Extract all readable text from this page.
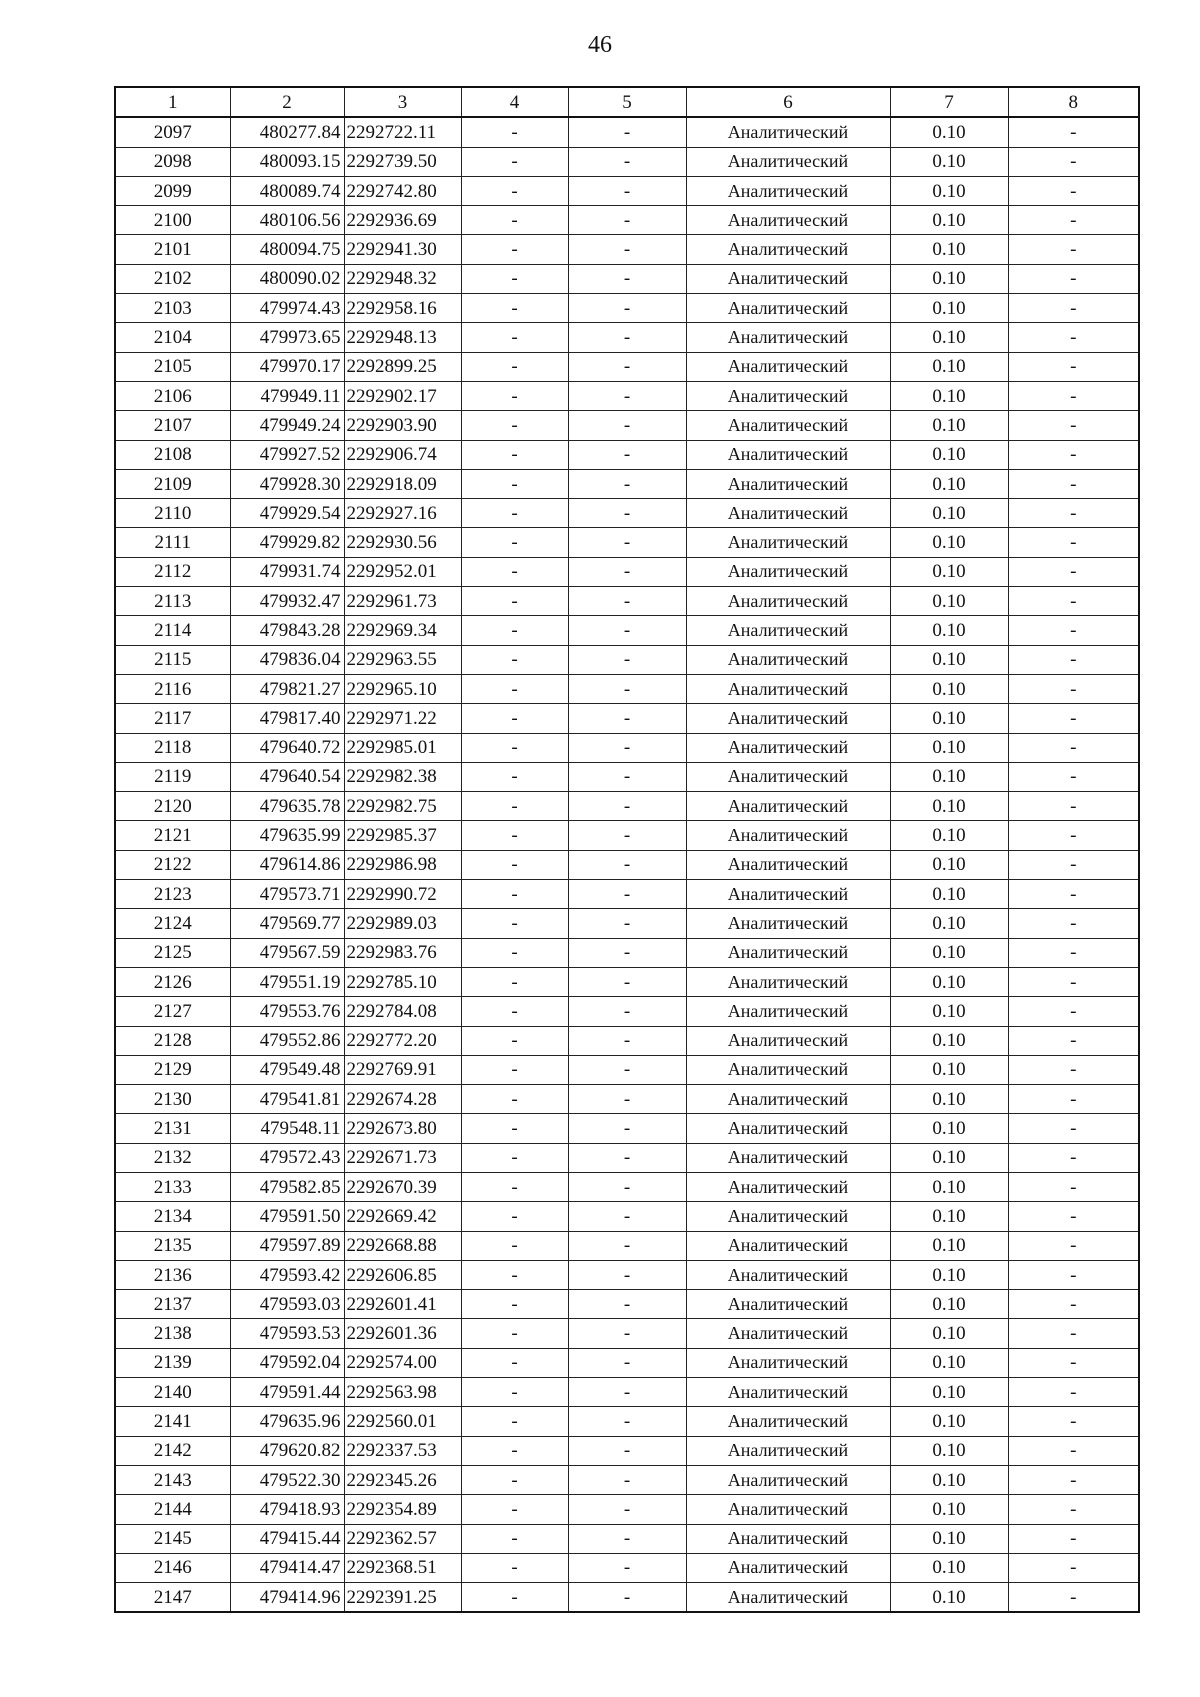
46
1	2	3	4	5	6	7	8
2097	480277.84	2292722.11	-	-	Аналитический	0.10	-
2098	480093.15	2292739.50	-	-	Аналитический	0.10	-
2099	480089.74	2292742.80	-	-	Аналитический	0.10	-
2100	480106.56	2292936.69	-	-	Аналитический	0.10	-
2101	480094.75	2292941.30	-	-	Аналитический	0.10	-
2102	480090.02	2292948.32	-	-	Аналитический	0.10	-
2103	479974.43	2292958.16	-	-	Аналитический	0.10	-
2104	479973.65	2292948.13	-	-	Аналитический	0.10	-
2105	479970.17	2292899.25	-	-	Аналитический	0.10	-
2106	479949.11	2292902.17	-	-	Аналитический	0.10	-
2107	479949.24	2292903.90	-	-	Аналитический	0.10	-
2108	479927.52	2292906.74	-	-	Аналитический	0.10	-
2109	479928.30	2292918.09	-	-	Аналитический	0.10	-
2110	479929.54	2292927.16	-	-	Аналитический	0.10	-
2111	479929.82	2292930.56	-	-	Аналитический	0.10	-
2112	479931.74	2292952.01	-	-	Аналитический	0.10	-
2113	479932.47	2292961.73	-	-	Аналитический	0.10	-
2114	479843.28	2292969.34	-	-	Аналитический	0.10	-
2115	479836.04	2292963.55	-	-	Аналитический	0.10	-
2116	479821.27	2292965.10	-	-	Аналитический	0.10	-
2117	479817.40	2292971.22	-	-	Аналитический	0.10	-
2118	479640.72	2292985.01	-	-	Аналитический	0.10	-
2119	479640.54	2292982.38	-	-	Аналитический	0.10	-
2120	479635.78	2292982.75	-	-	Аналитический	0.10	-
2121	479635.99	2292985.37	-	-	Аналитический	0.10	-
2122	479614.86	2292986.98	-	-	Аналитический	0.10	-
2123	479573.71	2292990.72	-	-	Аналитический	0.10	-
2124	479569.77	2292989.03	-	-	Аналитический	0.10	-
2125	479567.59	2292983.76	-	-	Аналитический	0.10	-
2126	479551.19	2292785.10	-	-	Аналитический	0.10	-
2127	479553.76	2292784.08	-	-	Аналитический	0.10	-
2128	479552.86	2292772.20	-	-	Аналитический	0.10	-
2129	479549.48	2292769.91	-	-	Аналитический	0.10	-
2130	479541.81	2292674.28	-	-	Аналитический	0.10	-
2131	479548.11	2292673.80	-	-	Аналитический	0.10	-
2132	479572.43	2292671.73	-	-	Аналитический	0.10	-
2133	479582.85	2292670.39	-	-	Аналитический	0.10	-
2134	479591.50	2292669.42	-	-	Аналитический	0.10	-
2135	479597.89	2292668.88	-	-	Аналитический	0.10	-
2136	479593.42	2292606.85	-	-	Аналитический	0.10	-
2137	479593.03	2292601.41	-	-	Аналитический	0.10	-
2138	479593.53	2292601.36	-	-	Аналитический	0.10	-
2139	479592.04	2292574.00	-	-	Аналитический	0.10	-
2140	479591.44	2292563.98	-	-	Аналитический	0.10	-
2141	479635.96	2292560.01	-	-	Аналитический	0.10	-
2142	479620.82	2292337.53	-	-	Аналитический	0.10	-
2143	479522.30	2292345.26	-	-	Аналитический	0.10	-
2144	479418.93	2292354.89	-	-	Аналитический	0.10	-
2145	479415.44	2292362.57	-	-	Аналитический	0.10	-
2146	479414.47	2292368.51	-	-	Аналитический	0.10	-
2147	479414.96	2292391.25	-	-	Аналитический	0.10	-
